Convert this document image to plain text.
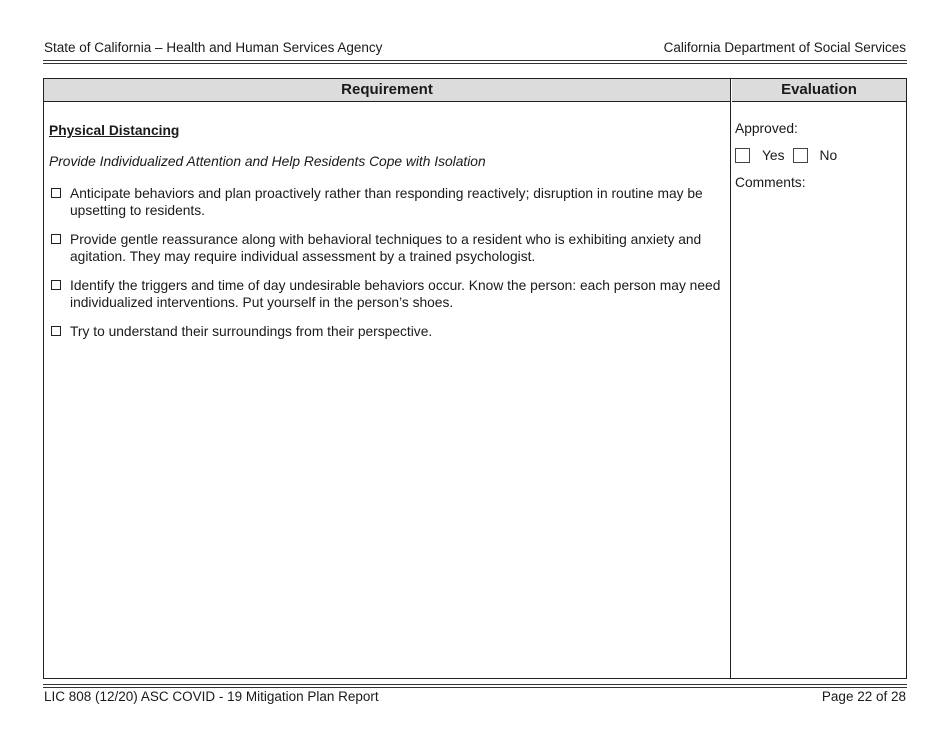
State of California – Health and Human Services Agency	California Department of Social Services
Requirement	Evaluation
Physical Distancing
Provide Individualized Attention and Help Residents Cope with Isolation
Anticipate behaviors and plan proactively rather than responding reactively; disruption in routine may be upsetting to residents.
Provide gentle reassurance along with behavioral techniques to a resident who is exhibiting anxiety and agitation. They may require individual assessment by a trained psychologist.
Identify the triggers and time of day undesirable behaviors occur. Know the person: each person may need individualized interventions. Put yourself in the person’s shoes.
Try to understand their surroundings from their perspective.
Approved:
Yes	No
Comments:
LIC 808 (12/20) ASC COVID - 19 Mitigation Plan Report	Page 22 of 28
